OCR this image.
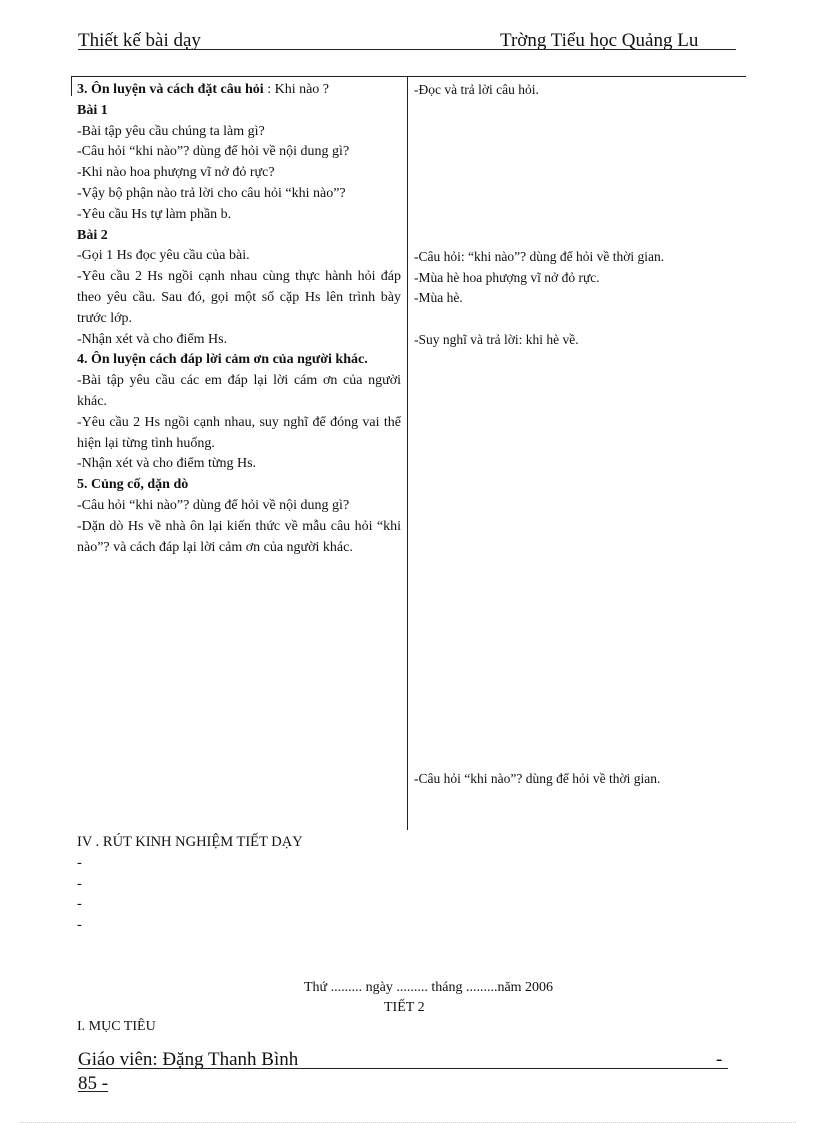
Thiết kế bài dạy	Trờng Tiểu học Quảng Lu

3. Ôn luyện và cách đặt câu hỏi : Khi nào ?

Bài 1

-Bài tập yêu cầu chúng ta làm gì?

-Câu hỏi “khi nào”? dùng để hỏi về nội dung gì?

-Khi nào hoa phượng vĩ nở đỏ rực?

-Vậy bộ phận nào trả lời cho câu hỏi “khi nào”?

-Yêu cầu Hs tự làm phần b.

Bài 2

-Gọi 1 Hs đọc yêu cầu của bài.

-Yêu cầu 2 Hs ngồi cạnh nhau cùng thực hành hỏi đáp theo yêu cầu. Sau đó, gọi một số cặp Hs lên trình bày trước lớp.

-Nhận xét và cho điểm Hs.

4. Ôn luyện cách đáp lời cảm ơn của người khác.

-Bài tập yêu cầu các em đáp lại lời cám ơn của người khác.

-Yêu cầu 2 Hs ngồi cạnh nhau, suy nghĩ để đóng vai thể hiện lại từng tình huống.

-Nhận xét và cho điểm từng Hs.

5. Củng cố, dặn dò

-Câu hỏi “khi nào”? dùng để hỏi về nội dung gì?

-Dặn dò Hs về nhà ôn lại kiến thức về mẫu câu hỏi “khi nào”? và cách đáp lại lời cảm ơn của người khác.

-Đọc và trả lời câu hỏi.
-Câu hỏi: “khi nào”? dùng để hỏi về thời gian.
-Mùa hè hoa phượng vĩ nở đỏ rực.
-Mùa hè.
-Suy nghĩ và trả lời: khi hè về.
-Câu hỏi “khi nào”? dùng để hỏi về thời gian.
IV . RÚT KINH NGHIỆM TIẾT DẠY
-
-
-
-
Thứ ......... ngày ......... tháng .........năm 2006
TIẾT 2
I. MỤC TIÊU
Giáo viên: Đặng Thanh Bình	-
85 -
